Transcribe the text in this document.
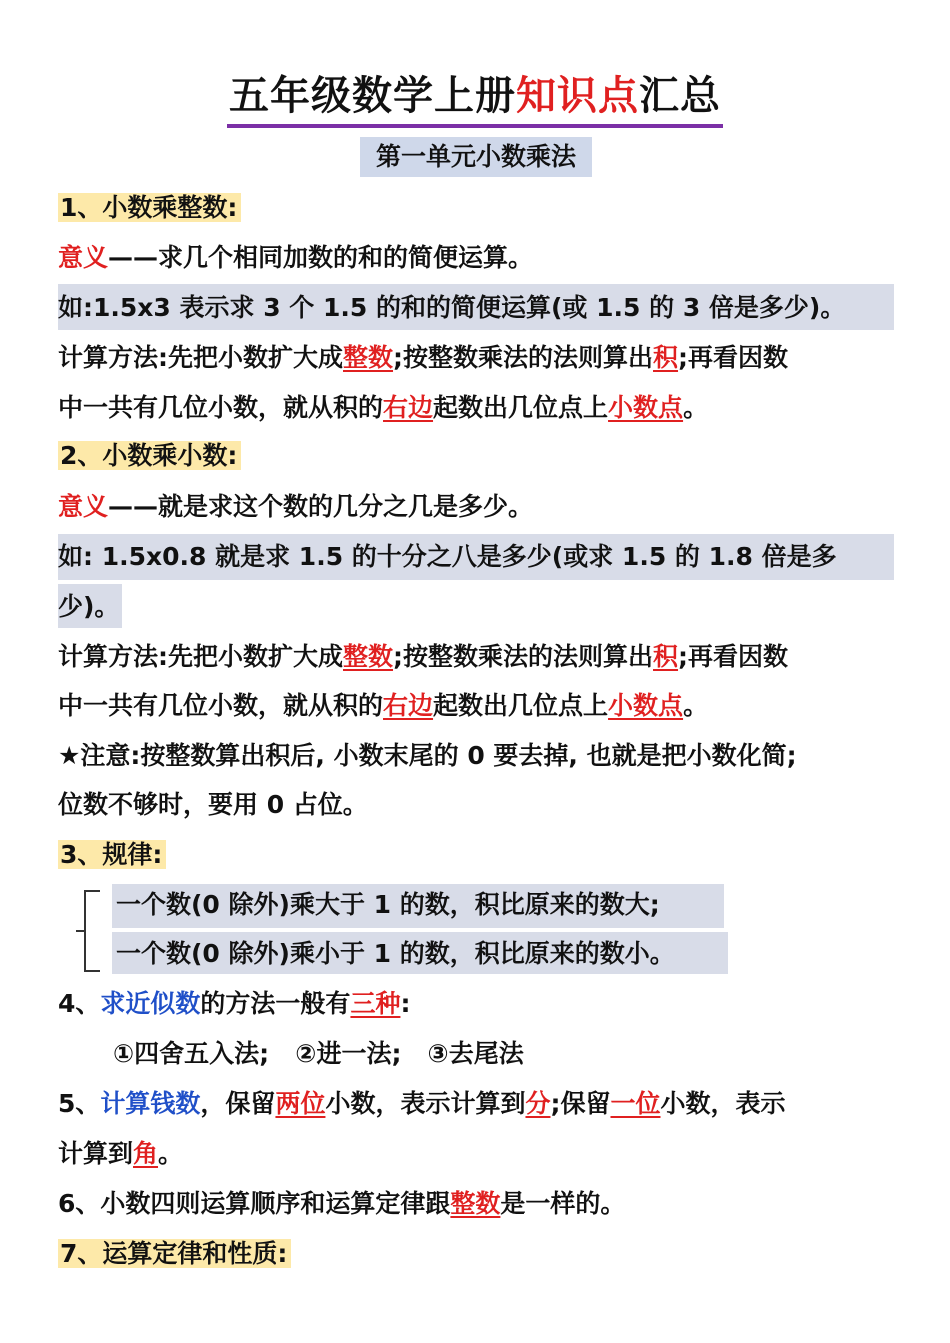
五年级数学上册知识点汇总
第一单元小数乘法
1、小数乘整数:
意义——求几个相同加数的和的简便运算。
如:1.5x3 表示求 3 个 1.5 的和的简便运算(或 1.5 的 3 倍是多少)。
计算方法:先把小数扩大成整数;按整数乘法的法则算出积;再看因数
中一共有几位小数，就从积的右边起数出几位点上小数点。
2、小数乘小数:
意义——就是求这个数的几分之几是多少。
如: 1.5x0.8 就是求 1.5 的十分之八是多少(或求 1.5 的 1.8 倍是多
少)。
计算方法:先把小数扩大成整数;按整数乘法的法则算出积;再看因数
中一共有几位小数，就从积的右边起数出几位点上小数点。
★注意:按整数算出积后, 小数末尾的 0 要去掉, 也就是把小数化简;
位数不够时，要用 0 占位。
3、规律:
一个数(0 除外)乘大于 1 的数，积比原来的数大;
一个数(0 除外)乘小于 1 的数，积比原来的数小。
4、求近似数的方法一般有三种:
①四舍五入法;   ②进一法;   ③去尾法
5、计算钱数，保留两位小数，表示计算到分;保留一位小数，表示
计算到角。
6、小数四则运算顺序和运算定律跟整数是一样的。
7、运算定律和性质:
